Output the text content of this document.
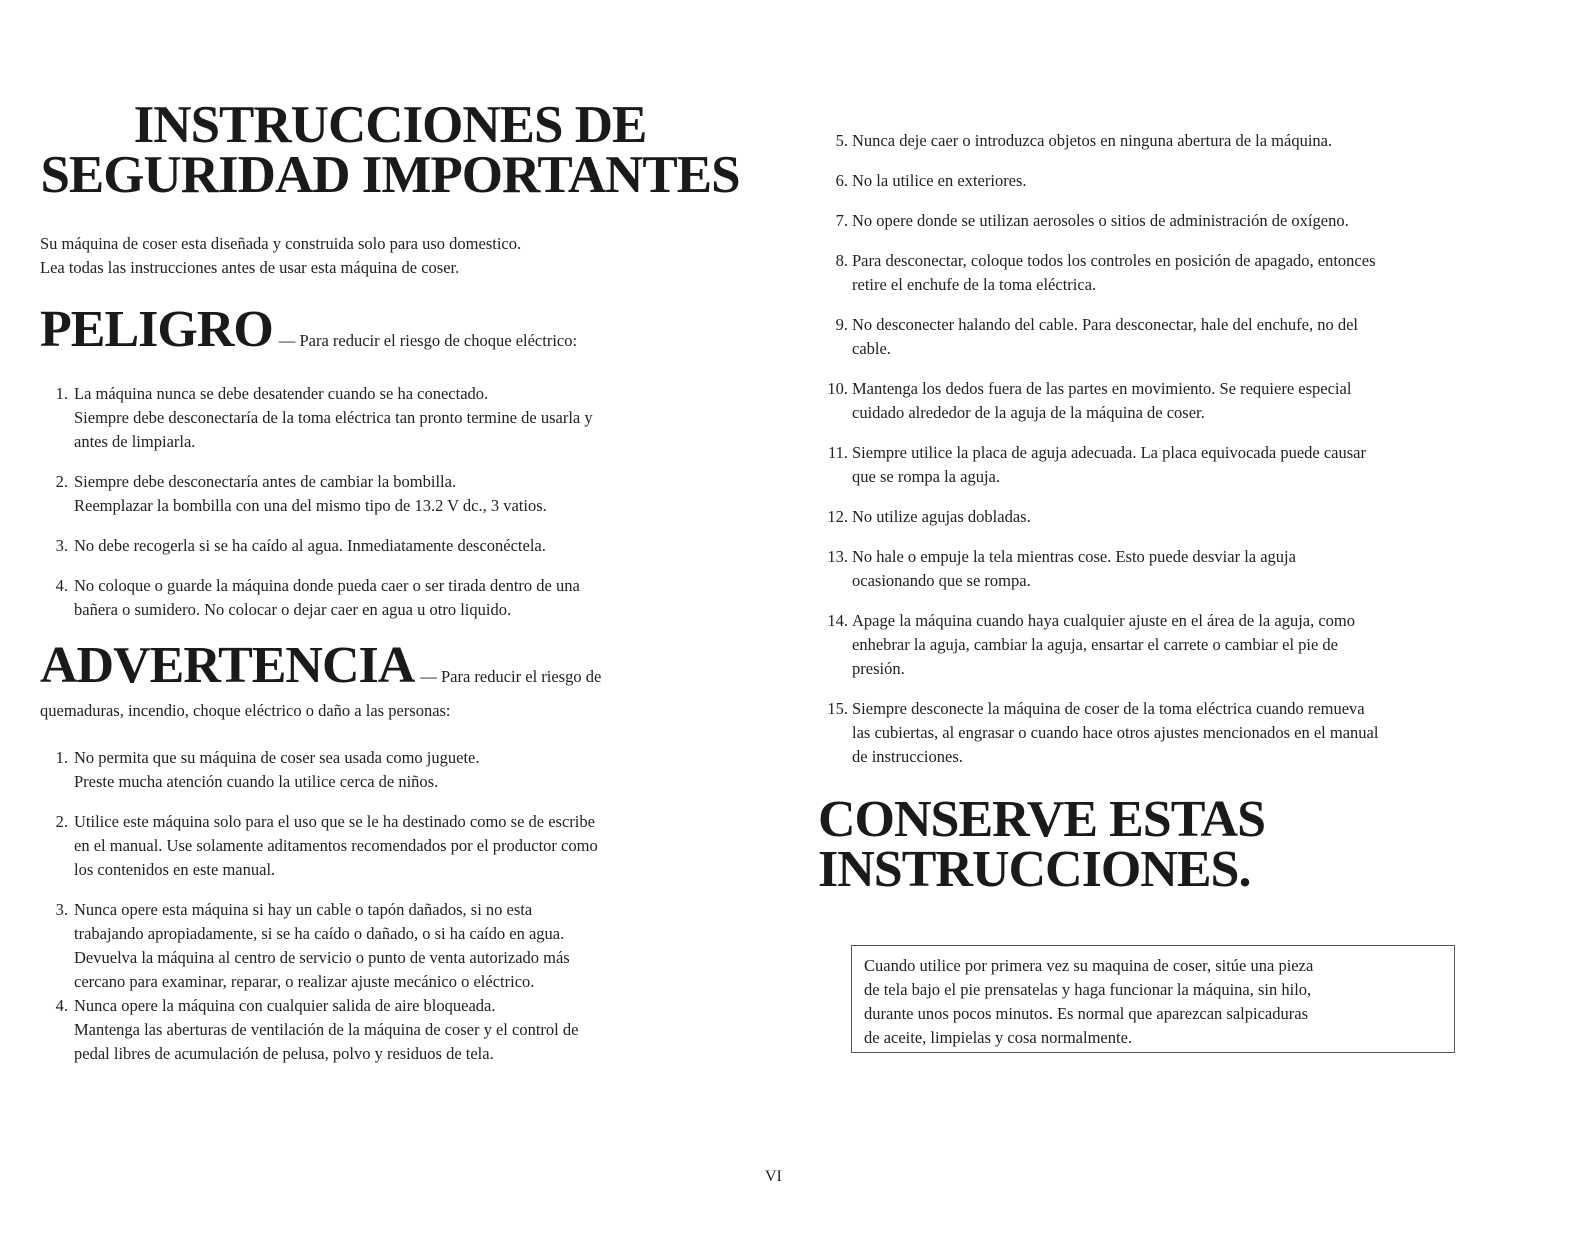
INSTRUCCIONES DE
SEGURIDAD IMPORTANTES

Su máquina de coser esta diseñada y construida solo para uso domestico.
Lea todas las instrucciones antes de usar esta máquina de coser.

PELIGRO — Para reducir el riesgo de choque eléctrico:
1. La máquina nunca se debe desatender cuando se ha conectado.
Siempre debe desconectaría de la toma eléctrica tan pronto termine de usarla y
antes de limpiarla.
2. Siempre debe desconectaría antes de cambiar la bombilla.
Reemplazar la bombilla con una del mismo tipo de 13.2 V dc., 3 vatios.
3. No debe recogerla si se ha caído al agua. Inmediatamente desconéctela.
4. No coloque o guarde la máquina donde pueda caer o ser tirada dentro de una
bañera o sumidero. No colocar o dejar caer en agua u otro liquido.
ADVERTENCIA — Para reducir el riesgo de

quemaduras, incendio, choque eléctrico o daño a las personas:

1. No permita que su máquina de coser sea usada como juguete.
Preste mucha atención cuando la utilice cerca de niños.
2. Utilice este máquina solo para el uso que se le ha destinado como se de escribe
en el manual. Use solamente aditamentos recomendados por el productor como
los contenidos en este manual.
3. Nunca opere esta máquina si hay un cable o tapón dañados, si no esta
trabajando apropiadamente, si se ha caído o dañado, o si ha caído en agua.
Devuelva la máquina al centro de servicio o punto de venta autorizado más
cercano para examinar, reparar, o realizar ajuste mecánico o eléctrico.
4. Nunca opere la máquina con cualquier salida de aire bloqueada.
Mantenga las aberturas de ventilación de la máquina de coser y el control de
pedal libres de acumulación de pelusa, polvo y residuos de tela.
5. Nunca deje caer o introduzca objetos en ninguna abertura de la máquina.
6. No la utilice en exteriores.
7. No opere donde se utilizan aerosoles o sitios de administración de oxígeno.
8. Para desconectar, coloque todos los controles en posición de apagado, entonces
retire el enchufe de la toma eléctrica.
9. No desconecter halando del cable. Para desconectar, hale del enchufe, no del
cable.
10. Mantenga los dedos fuera de las partes en movimiento. Se requiere especial
cuidado alrededor de la aguja de la máquina de coser.
11. Siempre utilice la placa de aguja adecuada. La placa equivocada puede causar
que se rompa la aguja.
12. No utilize agujas dobladas.
13. No hale o empuje la tela mientras cose. Esto puede desviar la aguja
ocasionando que se rompa.
14. Apage la máquina cuando haya cualquier ajuste en el área de la aguja, como
enhebrar la aguja, cambiar la aguja, ensartar el carrete o cambiar el pie de
presión.
15. Siempre desconecte la máquina de coser de la toma eléctrica cuando remueva
las cubiertas, al engrasar o cuando hace otros ajustes mencionados en el manual
de instrucciones.
CONSERVE ESTAS
INSTRUCCIONES.
Cuando utilice por primera vez su maquina de coser, sitúe una pieza
de tela bajo el pie prensatelas y haga funcionar la máquina, sin hilo,
durante unos pocos minutos. Es normal que aparezcan salpicaduras
de aceite, limpielas y cosa normalmente.

VI
